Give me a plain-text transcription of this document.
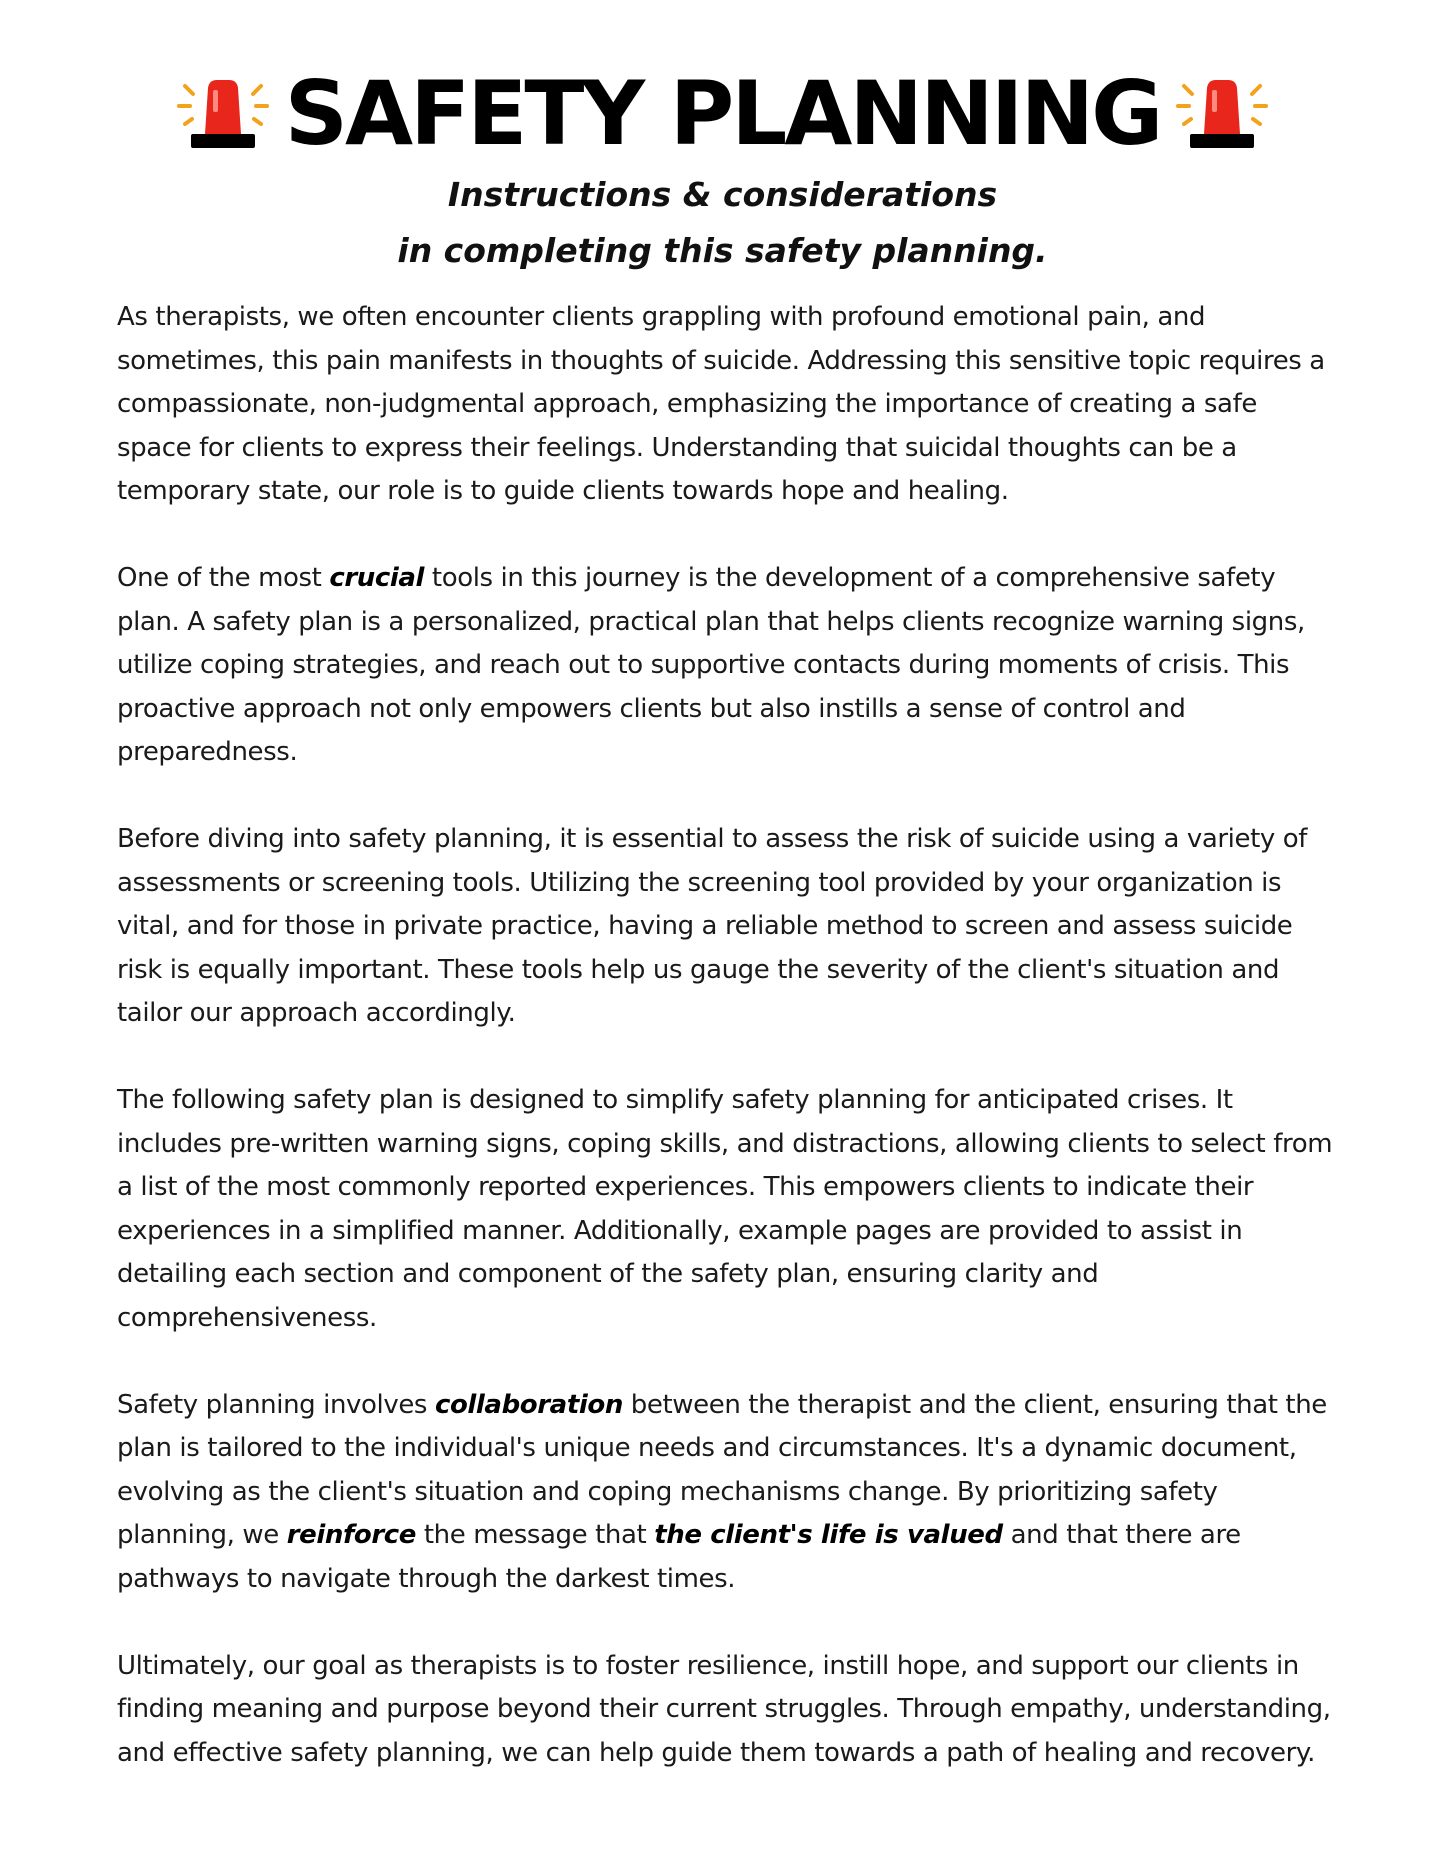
SAFETY PLANNING
Instructions & considerations
in completing this safety planning.

As therapists, we often encounter clients grappling with profound emotional pain, and sometimes, this pain manifests in thoughts of suicide. Addressing this sensitive topic requires a compassionate, non-judgmental approach, emphasizing the importance of creating a safe space for clients to express their feelings. Understanding that suicidal thoughts can be a temporary state, our role is to guide clients towards hope and healing.

One of the most crucial tools in this journey is the development of a comprehensive safety plan. A safety plan is a personalized, practical plan that helps clients recognize warning signs, utilize coping strategies, and reach out to supportive contacts during moments of crisis. This proactive approach not only empowers clients but also instills a sense of control and preparedness.

Before diving into safety planning, it is essential to assess the risk of suicide using a variety of assessments or screening tools. Utilizing the screening tool provided by your organization is vital, and for those in private practice, having a reliable method to screen and assess suicide risk is equally important. These tools help us gauge the severity of the client's situation and tailor our approach accordingly.

The following safety plan is designed to simplify safety planning for anticipated crises. It includes pre-written warning signs, coping skills, and distractions, allowing clients to select from a list of the most commonly reported experiences. This empowers clients to indicate their experiences in a simplified manner. Additionally, example pages are provided to assist in detailing each section and component of the safety plan, ensuring clarity and comprehensiveness.

Safety planning involves collaboration between the therapist and the client, ensuring that the plan is tailored to the individual's unique needs and circumstances. It's a dynamic document, evolving as the client's situation and coping mechanisms change. By prioritizing safety planning, we reinforce the message that the client's life is valued and that there are pathways to navigate through the darkest times.

Ultimately, our goal as therapists is to foster resilience, instill hope, and support our clients in finding meaning and purpose beyond their current struggles. Through empathy, understanding, and effective safety planning, we can help guide them towards a path of healing and recovery.
